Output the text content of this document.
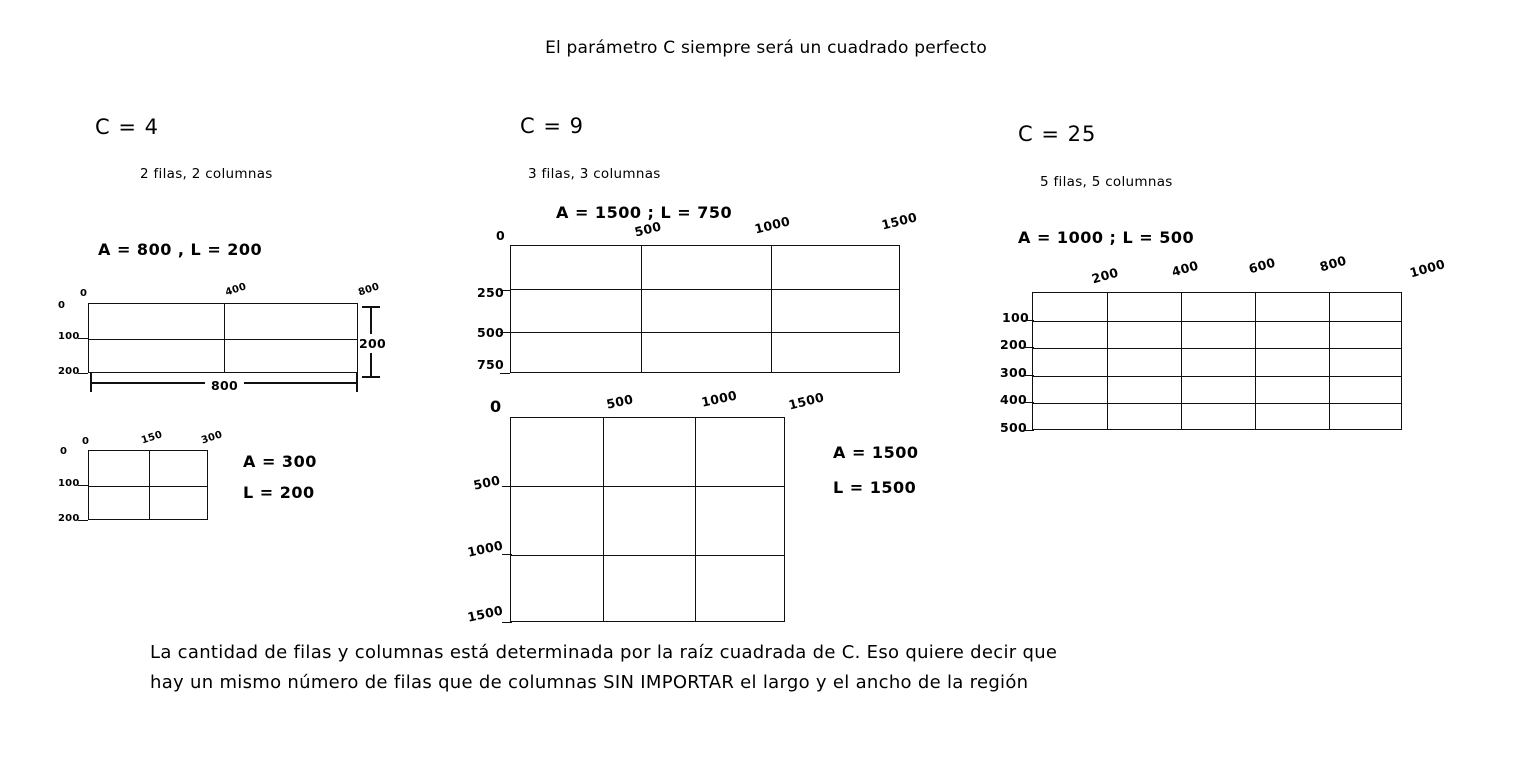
El parámetro C siempre será un cuadrado perfecto
C = 4
2 filas, 2 columnas
A = 800 , L = 200
0	400	800
0
100
200
800
200
0	150	300
0
100
200
A = 300
L = 200
C = 9
3 filas, 3 columnas
A = 1500 ; L = 750
0	500	1000	1500
250
500
750
0	500	1000	1500
500
1000
1500
A = 1500
L = 1500
C = 25
5 filas, 5 columnas
A = 1000 ; L = 500
200	400	600	800	1000
100
200
300
400
500
La cantidad de filas y columnas está determinada por la raíz cuadrada de C. Eso quiere decir que
hay un mismo número de filas que de columnas SIN IMPORTAR el largo y el ancho de la región
